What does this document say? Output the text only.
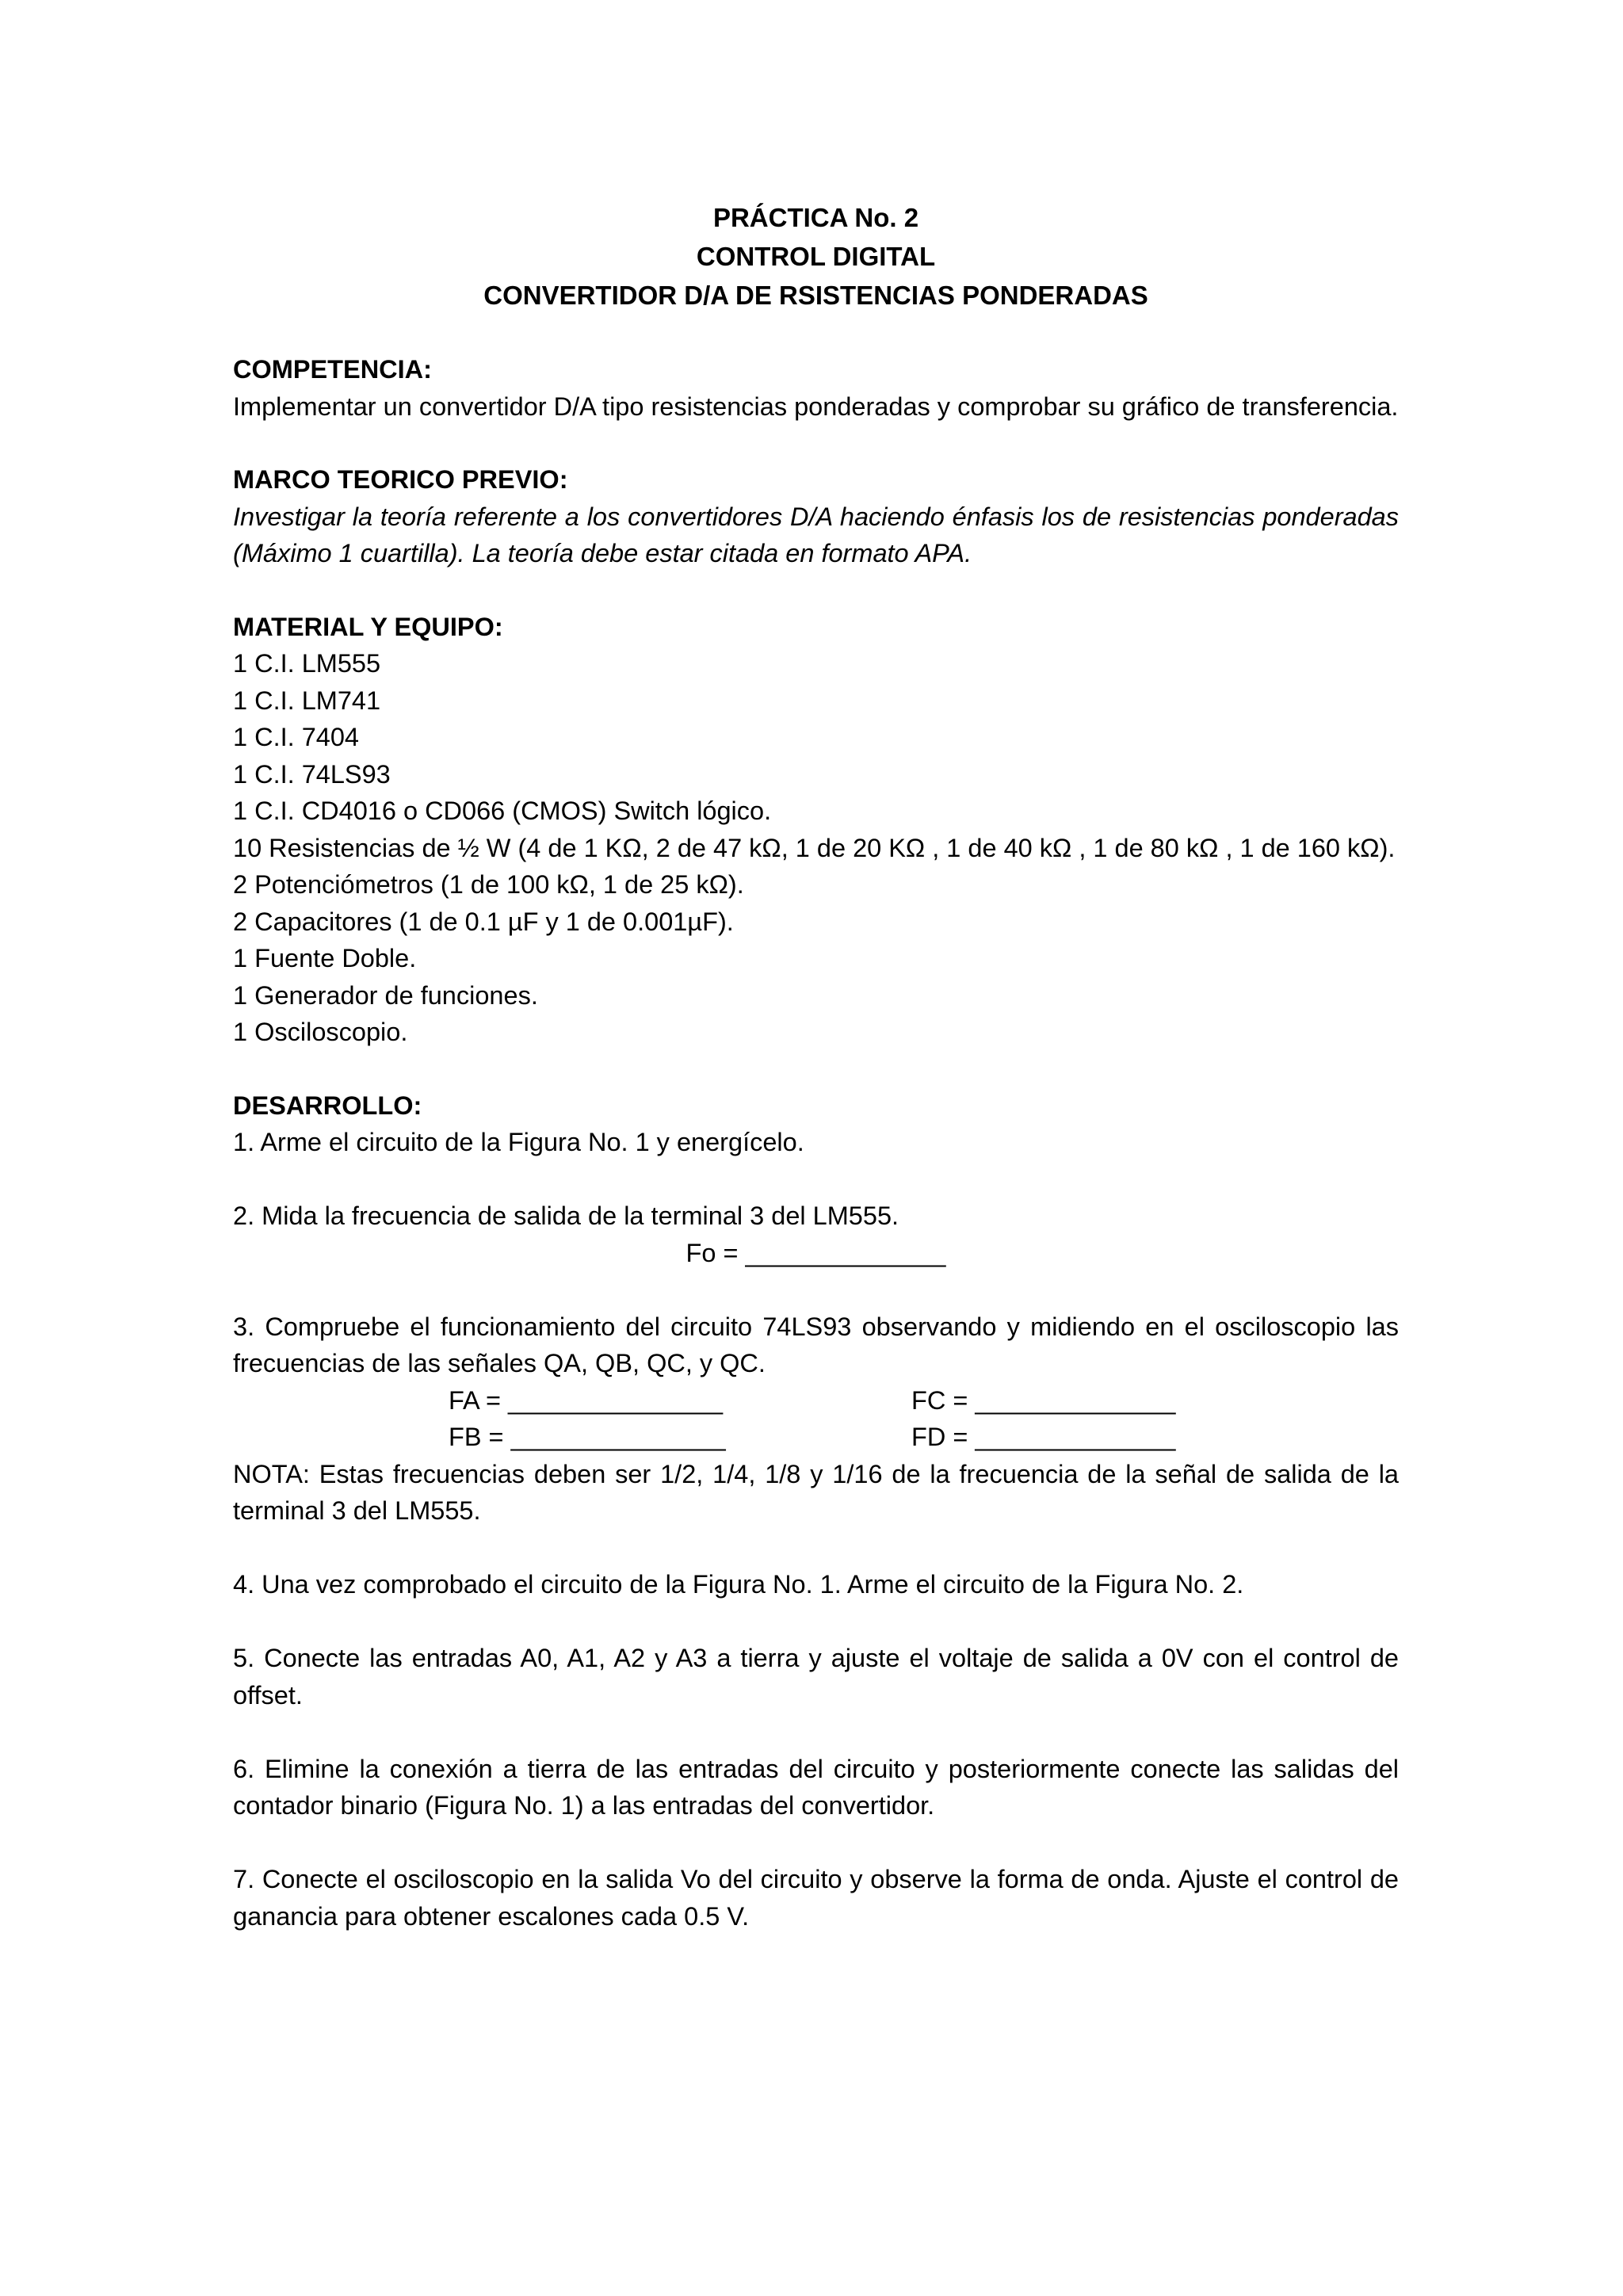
PRÁCTICA No. 2
CONTROL DIGITAL
CONVERTIDOR D/A DE RSISTENCIAS PONDERADAS
COMPETENCIA:
Implementar un convertidor D/A tipo resistencias ponderadas y comprobar su gráfico de transferencia.
MARCO TEORICO PREVIO:
Investigar la teoría referente a los convertidores D/A haciendo énfasis los de resistencias ponderadas (Máximo 1 cuartilla). La teoría debe estar citada en formato APA.
MATERIAL Y EQUIPO:
1 C.I. LM555
1 C.I. LM741
1 C.I. 7404
1 C.I. 74LS93
1 C.I. CD4016 o CD066 (CMOS) Switch lógico.
10 Resistencias de ½ W (4 de 1 KΩ, 2 de 47 kΩ, 1 de 20 KΩ , 1 de 40 kΩ , 1 de 80 kΩ , 1 de 160 kΩ).
2 Potenciómetros (1 de 100 kΩ, 1 de 25 kΩ).
2 Capacitores (1 de 0.1 µF y 1 de 0.001µF).
1 Fuente Doble.
1 Generador de funciones.
1 Osciloscopio.
DESARROLLO:
1. Arme el circuito de la Figura No. 1 y energícelo.
2. Mida la frecuencia de salida de la terminal 3 del LM555.
Fo = ______________
3. Compruebe el funcionamiento del circuito 74LS93 observando y midiendo en el osciloscopio las frecuencias de las señales QA, QB, QC, y QC.
FA = _______________	FC = ______________
FB = _______________	FD = ______________
NOTA: Estas frecuencias deben ser 1/2, 1/4, 1/8 y 1/16 de la frecuencia de la señal de salida de la terminal 3 del LM555.
4. Una vez comprobado el circuito de la Figura No. 1. Arme el circuito de la Figura No. 2.
5. Conecte las entradas A0, A1, A2 y A3 a tierra y ajuste el voltaje de salida a 0V con el control de offset.
6. Elimine la conexión a tierra de las entradas del circuito y posteriormente conecte las salidas del contador binario (Figura No. 1) a las entradas del convertidor.
7. Conecte el osciloscopio en la salida Vo del circuito y observe la forma de onda. Ajuste el control de ganancia para obtener escalones cada 0.5 V.
